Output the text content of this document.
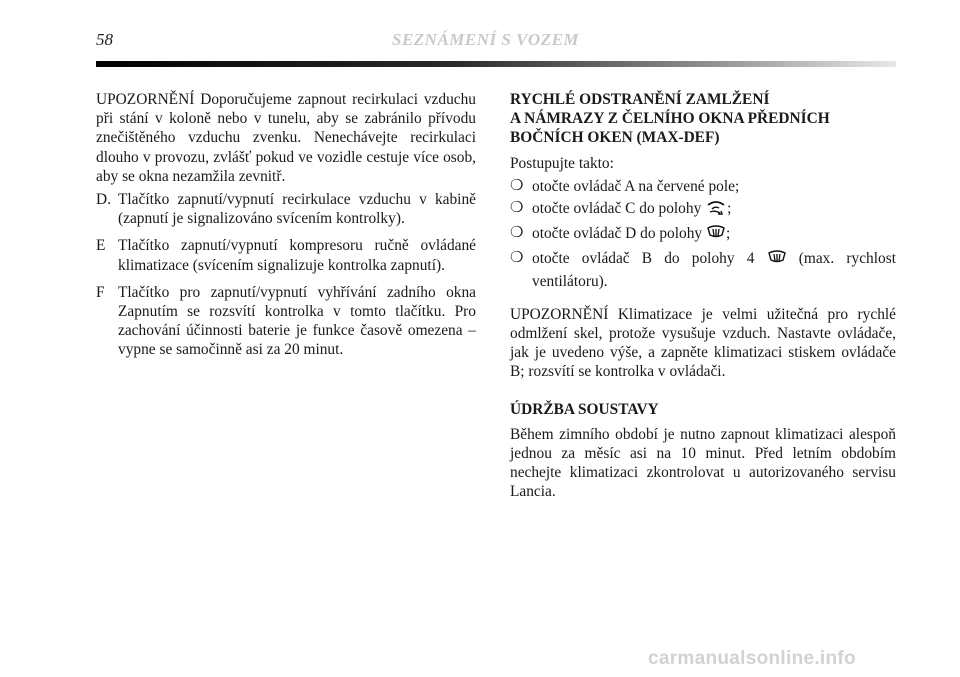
58	SEZNÁMENÍ S VOZEM

UPOZORNĚNÍ Doporučujeme zapnout recirkulaci vzduchu při stání v koloně nebo v tunelu, aby se zabránilo přívodu znečištěného vzduchu zvenku. Nenechávejte recirkulaci dlouho v provozu, zvlášť pokud ve vozidle cestuje více osob, aby se okna nezamžila zevnitř.

D. Tlačítko zapnutí/vypnutí recirkulace vzduchu v kabině (zapnutí je signalizováno svícením kontrolky).
E Tlačítko zapnutí/vypnutí kompresoru ručně ovládané klimatizace (svícením signalizuje kontrolka zapnutí).
F Tlačítko pro zapnutí/vypnutí vyhřívání zadního okna Zapnutím se rozsvítí kontrolka v tomto tlačítku. Pro zachování účinnosti baterie je funkce časově omezena – vypne se samočinně asi za 20 minut.
RYCHLÉ ODSTRANĚNÍ ZAMLŽENÍ
A NÁMRAZY Z ČELNÍHO OKNA PŘEDNÍCH
BOČNÍCH OKEN (MAX-DEF)

Postupujte takto:

❍ otočte ovládač A na červené pole;
❍ otočte ovládač C do polohy ;
❍ otočte ovládač D do polohy ;
❍ otočte ovládač B do polohy 4	(max. rychlost ventilátoru).

UPOZORNĚNÍ Klimatizace je velmi užitečná pro rychlé odmlžení skel, protože vysušuje vzduch. Nastavte ovládače, jak je uvedeno výše, a zapněte klimatizaci stiskem ovládače B; rozsvítí se kontrolka v ovládači.

ÚDRŽBA SOUSTAVY

Během zimního období je nutno zapnout klimatizaci alespoň jednou za měsíc asi na 10 minut. Před letním obdobím nechejte klimatizaci zkontrolovat u autorizovaného servisu Lancia.

carmanualsonline.info
